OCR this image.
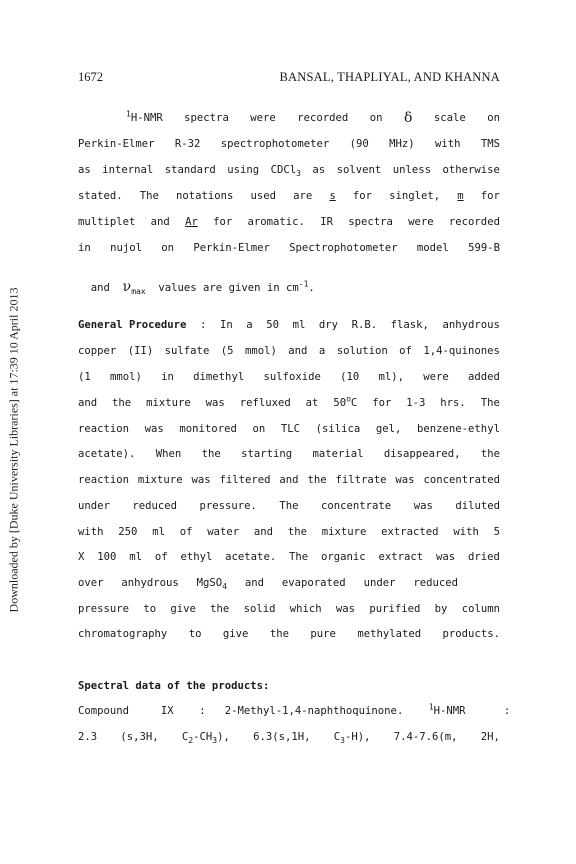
Downloaded by [Duke University Libraries] at 17:39 10 April 2013
1672	BANSAL, THAPLIYAL, AND KHANNA
$^1$H-NMR spectra were recorded on δ scale on
Perkin-Elmer R-32 spectrophotometer (90 MHz) with TMS
as internal standard using CDCl$_3$ as solvent unless otherwise
stated. The notations used are s for singlet, m for
multiplet and Ar for aromatic. IR spectra were recorded
in nujol on Perkin-Elmer Spectrophotometer model 599-B

and $\nu_{max}$ values are given in $cm^{-1}$.

General Procedure : In a 50 ml dry R.B. flask, anhydrous
copper (II) sulfate (5 mmol) and a solution of 1,4-quinones
(1 mmol) in dimethyl sulfoxide (10 ml), were added
and the mixture was refluxed at 50$^o$C for 1-3 hrs. The
reaction was monitored on TLC (silica gel, benzene-ethyl
acetate). When the starting material disappeared, the
reaction mixture was filtered and the filtrate was concentrated
under reduced pressure. The concentrate was diluted
with 250 ml of water and the mixture extracted with 5
X 100 ml of ethyl acetate. The organic extract was dried
over anhydrous MgSO$_4$ and evaporated under reduced
pressure to give the solid which was purified by column
chromatography to give the pure methylated products.
Spectral data of the products:
Compound	IX : 2-Methyl-1,4-naphthoquinone.	$^1$H-NMR	:
2.3 (s,3H, $C_2-CH_3$), 6.3(s,1H, $C_3-H$), 7.4-7.6(m, 2H,
